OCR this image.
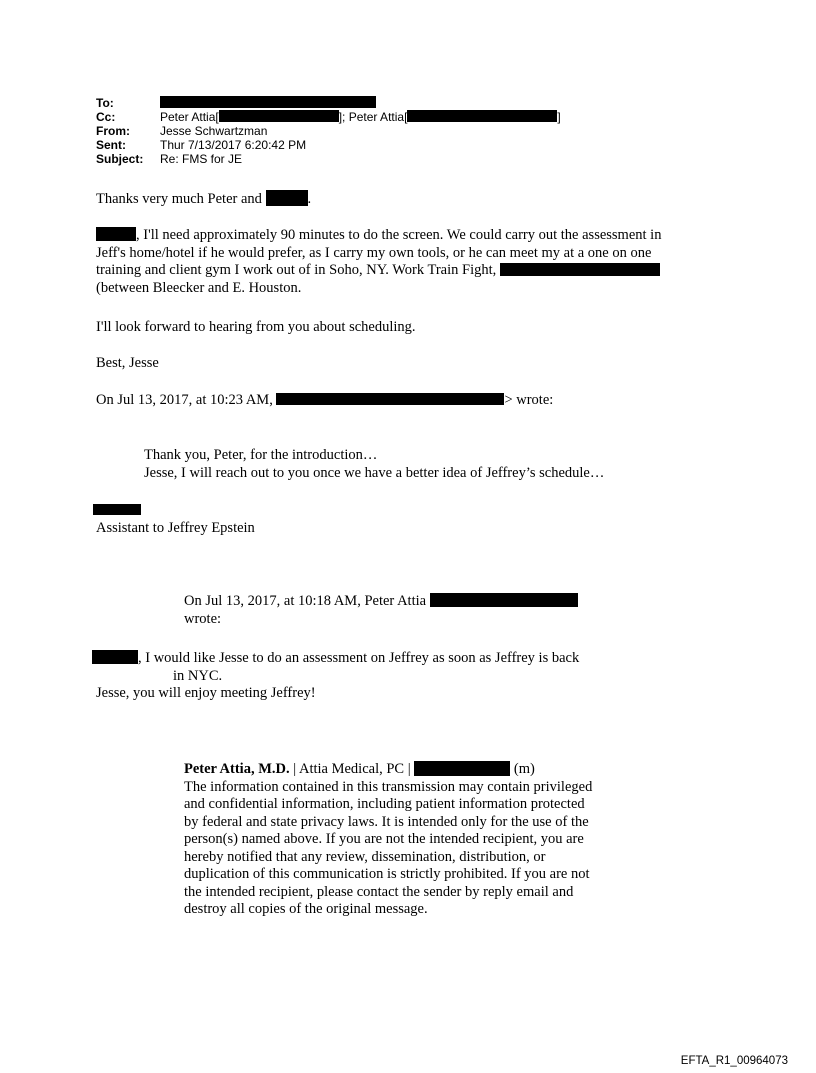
To:
Cc:	Peter Attia[	]; Peter Attia[	]
From:	Jesse Schwartzman
Sent:	Thur 7/13/2017 6:20:42 PM
Subject:	Re: FMS for JE
Thanks very much Peter and	.
, I'll need approximately 90 minutes to do the screen. We could carry out the assessment in
Jeff's home/hotel if he would prefer, as I carry my own tools, or he can meet my at a one on one
training and client gym I work out of in Soho, NY. Work Train Fight,
(between Bleecker and E. Houston.
I'll look forward to hearing from you about scheduling.
Best, Jesse
On Jul 13, 2017, at 10:23 AM,	> wrote:
Thank you, Peter, for the introduction…
Jesse, I will reach out to you once we have a better idea of Jeffrey’s schedule…
Assistant to Jeffrey Epstein
On Jul 13, 2017, at 10:18 AM, Peter Attia
wrote:
, I would like Jesse to do an assessment on Jeffrey as soon as Jeffrey is back
in NYC.
Jesse, you will enjoy meeting Jeffrey!
Peter Attia, M.D. | Attia Medical, PC |	(m)
The information contained in this transmission may contain privileged
and confidential information, including patient information protected
by federal and state privacy laws. It is intended only for the use of the
person(s) named above. If you are not the intended recipient, you are
hereby notified that any review, dissemination, distribution, or
duplication of this communication is strictly prohibited. If you are not
the intended recipient, please contact the sender by reply email and
destroy all copies of the original message.
EFTA_R1_00964073
